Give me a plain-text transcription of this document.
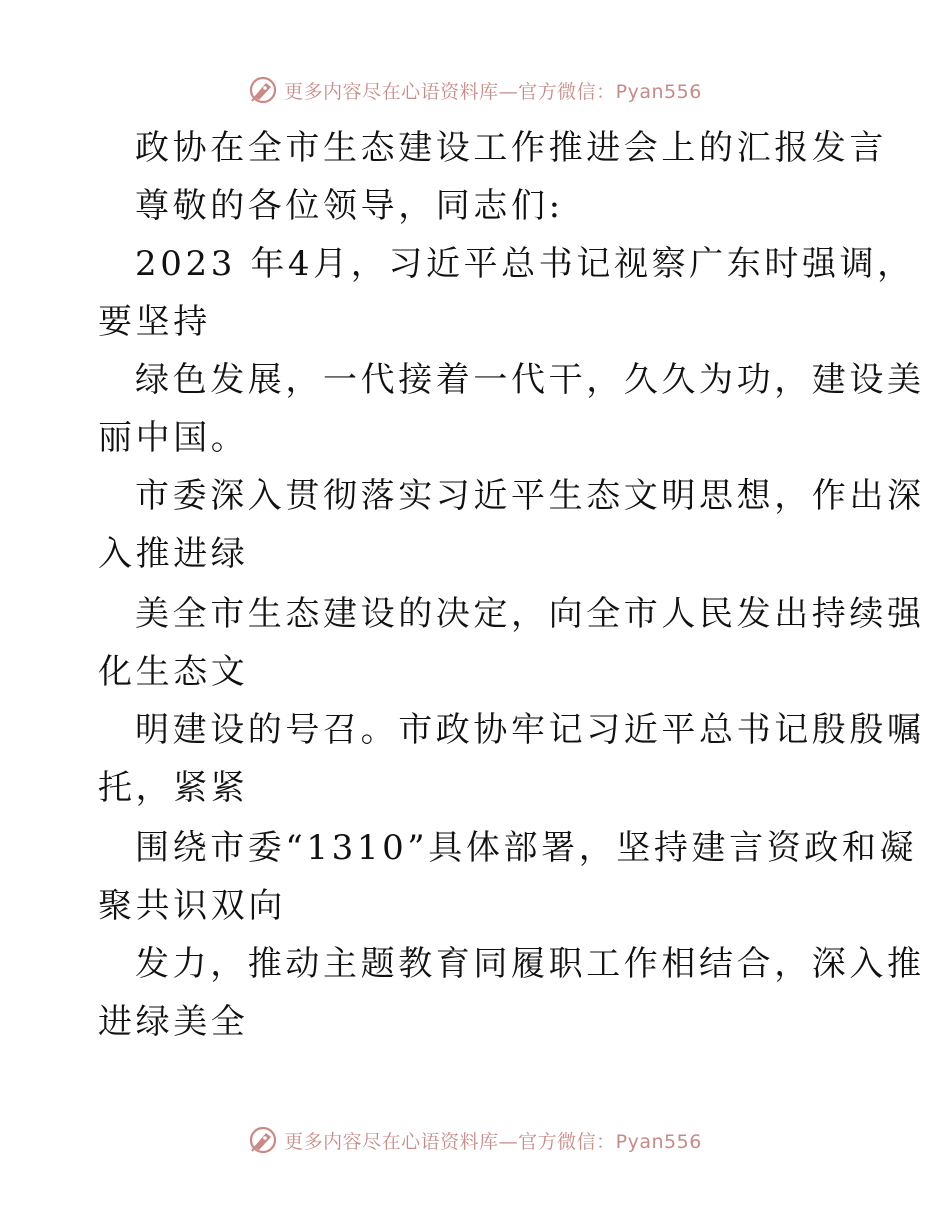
更多内容尽在心语资料库—官方微信：Pyan556
政协在全市生态建设工作推进会上的汇报发言
尊敬的各位领导，同志们:
2023 年4月，习近平总书记视察广东时强调，
要坚持
绿色发展，一代接着一代干，久久为功，建设美
丽中国。
市委深入贯彻落实习近平生态文明思想，作出深
入推进绿
美全市生态建设的决定，向全市人民发出持续强
化生态文
明建设的号召。市政协牢记习近平总书记殷殷嘱
托，紧紧
围绕市委“1310”具体部署，坚持建言资政和凝
聚共识双向
发力，推动主题教育同履职工作相结合，深入推
进绿美全
更多内容尽在心语资料库—官方微信：Pyan556
